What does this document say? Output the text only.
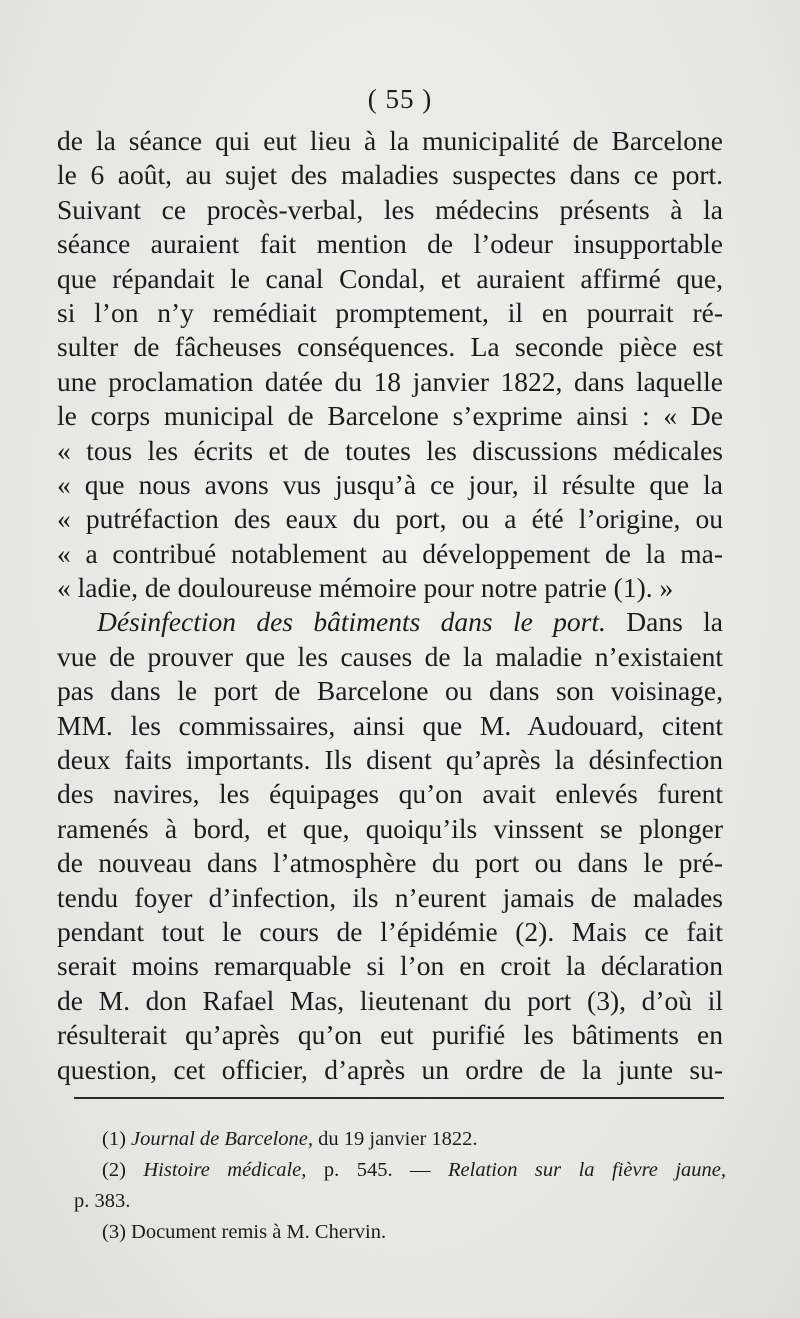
( 55 )
de la séance qui eut lieu à la municipalité de Barcelone
le 6 août, au sujet des maladies suspectes dans ce port.
Suivant ce procès-verbal, les médecins présents à la
séance auraient fait mention de l’odeur insupportable
que répandait le canal Condal, et auraient affirmé que,
si l’on n’y remédiait promptement, il en pourrait ré-
sulter de fâcheuses conséquences. La seconde pièce est
une proclamation datée du 18 janvier 1822, dans laquelle
le corps municipal de Barcelone s’exprime ainsi : « De
« tous les écrits et de toutes les discussions médicales
« que nous avons vus jusqu’à ce jour, il résulte que la
« putréfaction des eaux du port, ou a été l’origine, ou
« a contribué notablement au développement de la ma-
« ladie, de douloureuse mémoire pour notre patrie (1). »
Désinfection des bâtiments dans le port. Dans la
vue de prouver que les causes de la maladie n’existaient
pas dans le port de Barcelone ou dans son voisinage,
MM. les commissaires, ainsi que M. Audouard, citent
deux faits importants. Ils disent qu’après la désinfection
des navires, les équipages qu’on avait enlevés furent
ramenés à bord, et que, quoiqu’ils vinssent se plonger
de nouveau dans l’atmosphère du port ou dans le pré-
tendu foyer d’infection, ils n’eurent jamais de malades
pendant tout le cours de l’épidémie (2). Mais ce fait
serait moins remarquable si l’on en croit la déclaration
de M. don Rafael Mas, lieutenant du port (3), d’où il
résulterait qu’après qu’on eut purifié les bâtiments en
question, cet officier, d’après un ordre de la junte su-
(1) Journal de Barcelone, du 19 janvier 1822.
(2) Histoire médicale, p. 545. — Relation sur la fièvre jaune,
p. 383.
(3) Document remis à M. Chervin.
